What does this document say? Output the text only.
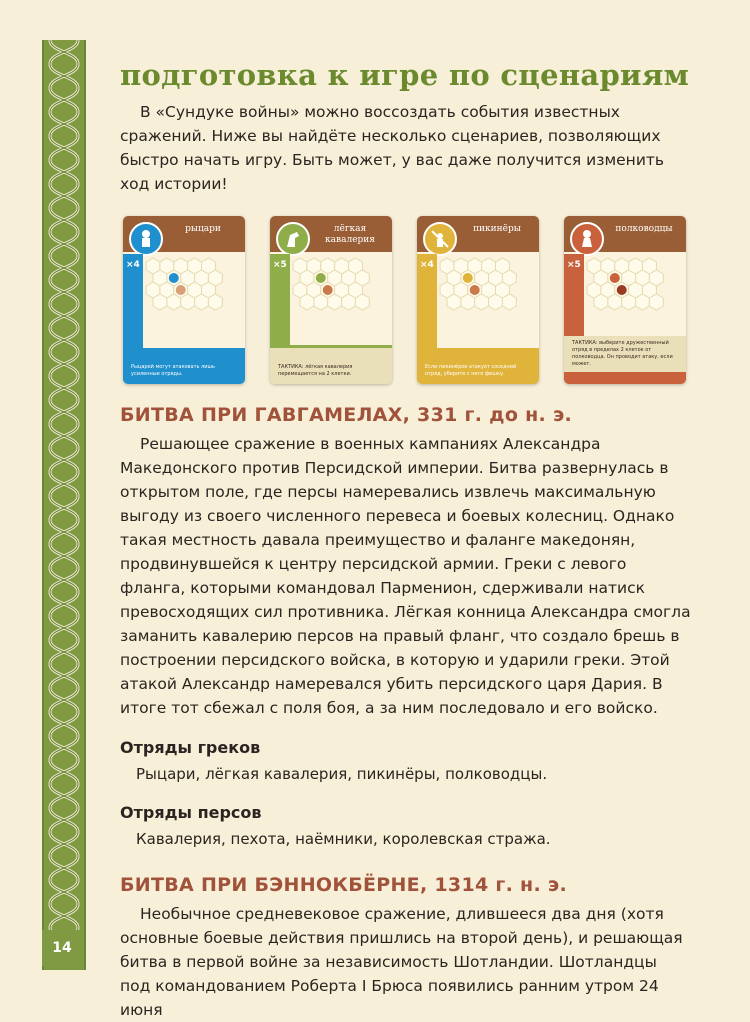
14
подготовка к игре по сценариям

В «Сундуке войны» можно воссоздать события известных сражений. Ниже вы найдёте несколько сценариев, позволяющих быстро начать игру. Быть может, у вас даже получится изменить ход истории!

рыцари
×4
Рыцарей могут атаковать лишь усиленные отряды.
лёгкая кавалерия
×5
ТАКТИКА: лёгкая кавалерия перемещается на 2 клетки.
пикинёры
×4
Если пикинёров атакует соседний отряд, уберите с него фишку.
полководцы
×5
ТАКТИКА: выберите дружественный отряд в пределах 2 клеток от полководца. Он проводит атаку, если может.
БИТВА ПРИ ГАВГАМЕЛАХ, 331 г. до н. э.

Решающее сражение в военных кампаниях Александра Македонского против Персидской империи. Битва развернулась в открытом поле, где персы намеревались извлечь максимальную выгоду из своего численного перевеса и боевых колесниц. Однако такая местность давала преимущество и фаланге македонян, продвинувшейся к центру персидской армии. Греки с левого фланга, которыми командовал Пармениoн, сдерживали натиск превосходящих сил противника. Лёгкая конница Александра смогла заманить кавалерию персов на правый фланг, что создало брешь в построении персидского войска, в которую и ударили греки. Этой атакой Александр намеревался убить персидского царя Дария. В итоге тот сбежал с поля боя, а за ним последовало и его войско.

Отряды греков

Рыцари, лёгкая кавалерия, пикинёры, полководцы.

Отряды персов

Кавалерия, пехота, наёмники, королевская стража.

БИТВА ПРИ БЭННОКБЁРНЕ, 1314 г. н. э.

Необычное средневековое сражение, длившееся два дня (хотя основные боевые действия пришлись на второй день), и решающая битва в первой войне за независимость Шотландии. Шотландцы под командованием Роберта I Брюса появились ранним утром 24 июня
